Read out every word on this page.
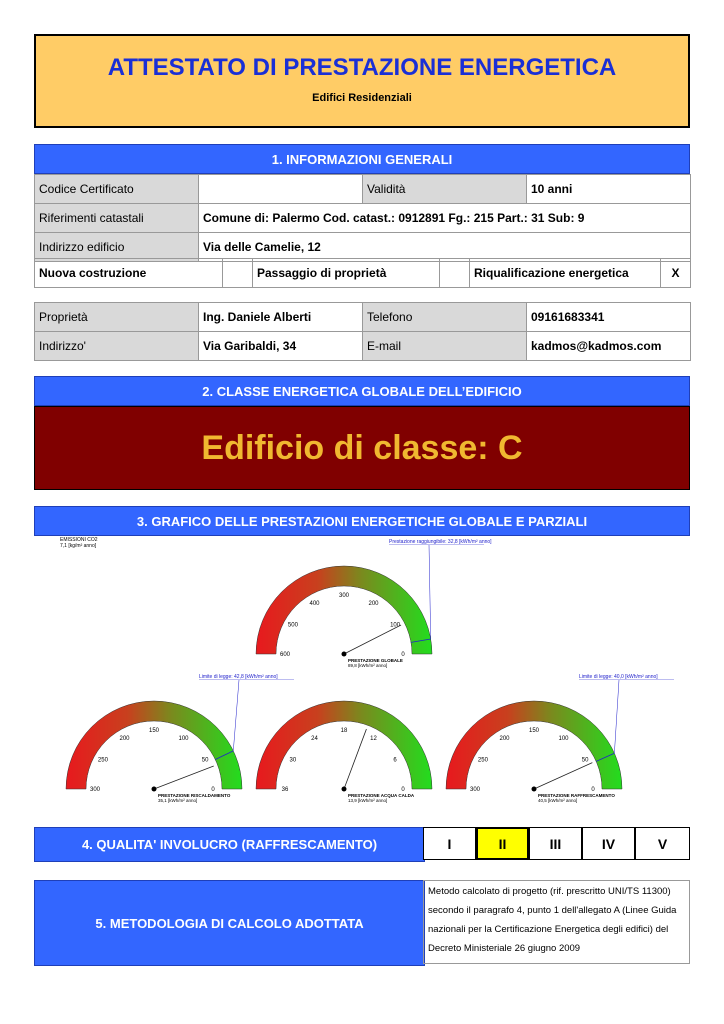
ATTESTATO DI PRESTAZIONE ENERGETICA
Edifici Residenziali
1. INFORMAZIONI GENERALI
Codice Certificato		Validità	10 anni
Riferimenti catastali	Comune di: Palermo Cod. catast.: 0912891 Fg.: 215 Part.: 31 Sub: 9		
Indirizzo edificio	Via delle Camelie, 12		
Nuova costruzione		Passaggio di proprietà		Riqualificazione energetica	X
Proprietà	Ing. Daniele Alberti	Telefono	09161683341
Indirizzo'	Via Garibaldi, 34	E-mail	kadmos@kadmos.com
2. CLASSE ENERGETICA GLOBALE DELL’EDIFICIO
Edificio di classe: C
3. GRAFICO DELLE PRESTAZIONI ENERGETICHE GLOBALE E PARZIALI
EMISSIONI CO2
7,1 [kg/m² anno]
0
100
200
300
400
500
600
Prestazione raggiungibile: 32,8 [kWh/m² anno]
PRESTAZIONE GLOBALE
89,8 [kWh/m² anno]
0
50
100
150
200
250
300
Limite di legge: 42,8 [kWh/m² anno]
PRESTAZIONE RISCALDAMENTO
35,1 [kWh/m² anno]
0
6
12
18
24
30
36
PRESTAZIONE ACQUA CALDA
13,9 [kWh/m² anno]
0
50
100
150
200
250
300
Limite di legge: 40,0 [kWh/m² anno]
PRESTAZIONE RAFFRESCAMENTO
40,5 [kWh/m² anno]
4. QUALITA' INVOLUCRO (RAFFRESCAMENTO)	I	II	III	IV	V
5. METODOLOGIA DI CALCOLO ADOTTATA
Metodo calcolato di progetto (rif. prescritto UNI/TS 11300)
secondo il paragrafo 4, punto 1 dell'allegato A (Linee Guida
nazionali per la Certificazione Energetica degli edifici) del
Decreto Ministeriale 26 giugno 2009
